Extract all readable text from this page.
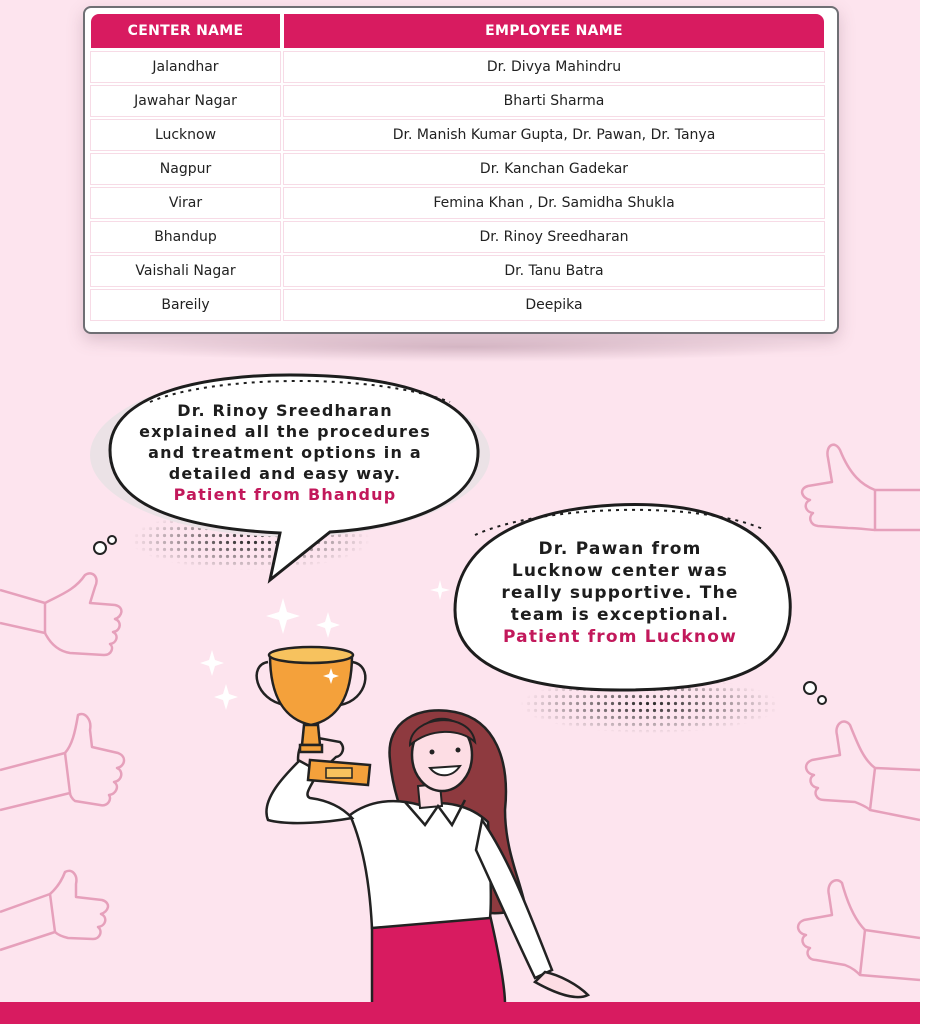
CENTER NAME	EMPLOYEE NAME
Jalandhar	Dr. Divya Mahindru
Jawahar Nagar	Bharti Sharma
Lucknow	Dr. Manish Kumar Gupta, Dr. Pawan, Dr. Tanya
Nagpur	Dr. Kanchan Gadekar
Virar	Femina Khan , Dr. Samidha Shukla
Bhandup	Dr. Rinoy Sreedharan
Vaishali Nagar	Dr. Tanu Batra
Bareily	Deepika
Dr. Rinoy Sreedharan
explained all the procedures
and treatment options in a
detailed and easy way.
Patient from Bhandup
Dr. Pawan from
Lucknow center was
really supportive. The
team is exceptional.
Patient from Lucknow
